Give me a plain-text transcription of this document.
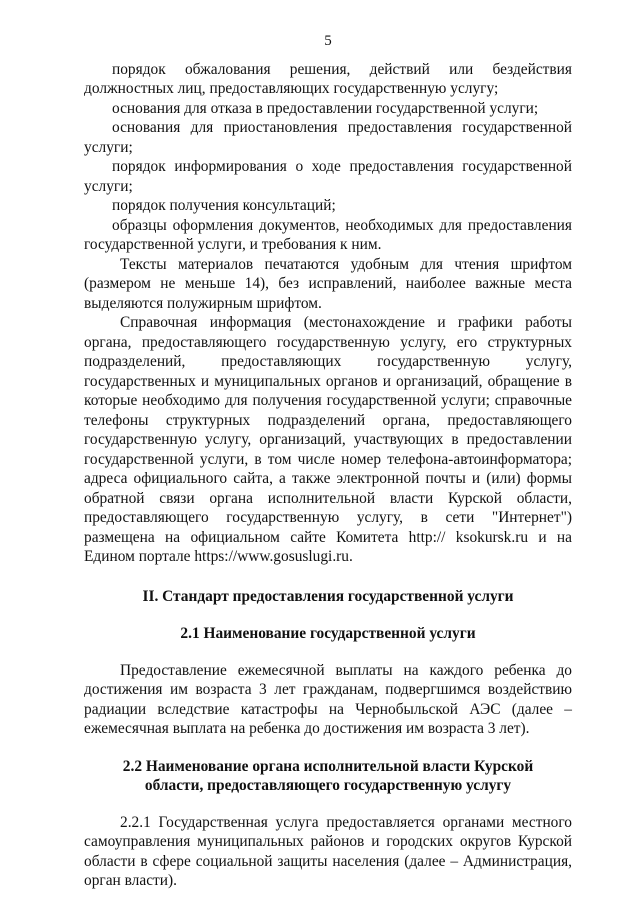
5

порядок обжалования решения, действий или бездействия должностных лиц, предоставляющих государственную услугу;

основания для отказа в предоставлении государственной услуги;

основания для приостановления предоставления государственной услуги;

порядок информирования о ходе предоставления государственной услуги;

порядок получения консультаций;

образцы оформления документов, необходимых для предоставления государственной услуги, и требования к ним.

Тексты материалов печатаются удобным для чтения шрифтом (размером не меньше 14), без исправлений, наиболее важные места выделяются полужирным шрифтом.

Справочная информация (местонахождение и графики работы органа, предоставляющего государственную услугу, его структурных подразделений, предоставляющих государственную услугу, государственных и муниципальных органов и организаций, обращение в которые необходимо для получения государственной услуги; справочные телефоны структурных подразделений органа, предоставляющего государственную услугу, организаций, участвующих в предоставлении государственной услуги, в том числе номер телефона-автоинформатора; адреса официального сайта, а также электронной почты и (или) формы обратной связи органа исполнительной власти Курской области, предоставляющего государственную услугу, в сети "Интернет") размещена на официальном сайте Комитета http:// ksokursk.ru и на Едином портале https://www.gosuslugi.ru.

II. Стандарт предоставления государственной услуги
2.1 Наименование государственной услуги

Предоставление ежемесячной выплаты на каждого ребенка до достижения им возраста 3 лет гражданам, подвергшимся воздействию радиации вследствие катастрофы на Чернобыльской АЭС (далее – ежемесячная выплата на ребенка до достижения им возраста 3 лет).

2.2 Наименование органа исполнительной власти Курской
области, предоставляющего государственную услугу

2.2.1 Государственная услуга предоставляется органами местного самоуправления муниципальных районов и городских округов Курской области в сфере социальной защиты населения (далее – Администрация, орган власти).
